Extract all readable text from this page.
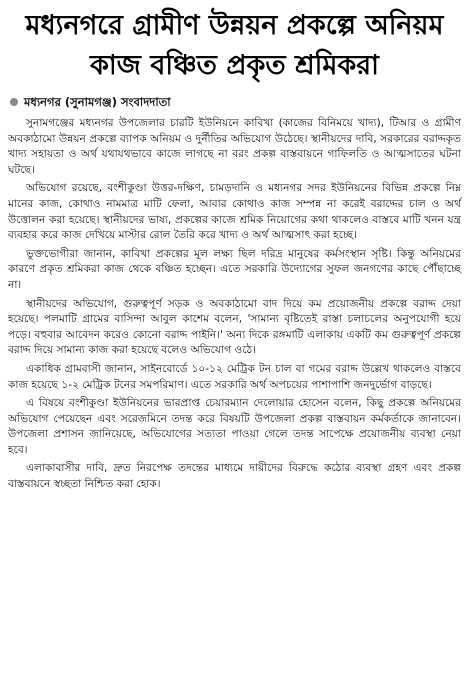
মধ্যনগরে গ্রামীণ উন্নয়ন প্রকল্পে অনিয়ম
কাজ বঞ্চিত প্রকৃত শ্রমিকরা
মধ্যনগর (সুনামগঞ্জ) সংবাদদাতা

সুনামগঞ্জের মধ্যনগর উপজেলার চারটি ইউনিয়নে কাবিখা (কাজের বিনিময়ে খাদ্য), টিআর ও গ্রামীণ অবকাঠামো উন্নয়ন প্রকল্পে ব্যাপক অনিয়ম ও দুর্নীতির অভিযোগ উঠেছে। স্থানীয়দের দাবি, সরকারের বরাদ্দকৃত খাদ্য সহায়তা ও অর্থ যথাযথভাবে কাজে লাগছে না বরং প্রকল্প বাস্তবায়নে গাফিলতি ও আত্মসাতের ঘটনা ঘটছে।

অভিযোগ রয়েছে, বংশীকুণ্ডা উত্তর-দক্ষিণ, চামড়দানি ও মধ্যনগর সদর ইউনিয়নের বিভিন্ন প্রকল্পে নিম্ন মানের কাজ, কোথাও নামমাত্র মাটি ফেলা, আবার কোথাও কাজ সম্পন্ন না করেই বরাদ্দের চাল ও অর্থ উত্তোলন করা হয়েছে। স্থানীয়দের ভাষ্য, প্রকল্পের কাজে শ্রমিক নিয়োগের কথা থাকলেও বাস্তবে মাটি খনন যন্ত্র ব্যবহার করে কাজ দেখিয়ে মাস্টার রোল তৈরি করে খাদ্য ও অর্থ আত্মসাৎ করা হচ্ছে।

ভুক্তভোগীরা জানান, কাবিখা প্রকল্পের মূল লক্ষ্য ছিল দরিদ্র মানুষের কর্মসংস্থান সৃষ্টি। কিন্তু অনিয়মের কারণে প্রকৃত শ্রমিকরা কাজ থেকে বঞ্চিত হচ্ছেন। এতে সরকারি উদ্যোগের সুফল জনগণের কাছে পৌঁছাচ্ছে না।

স্থানীয়দের অভিযোগ, গুরুত্বপূর্ণ সড়ক ও অবকাঠামো বাদ দিয়ে কম প্রয়োজনীয় প্রকল্পে বরাদ্দ দেয়া হয়েছে। পলমাটি গ্রামের বাসিন্দা আবুল কাশেম বলেন, 'সামান্য বৃষ্টিতেই রাস্তা চলাচলের অনুপযোগী হয়ে পড়ে। বহুবার আবেদন করেও কোনো বরাদ্দ পাইনি।' অন্য দিকে রঙ্গমাটি এলাকায় একটি কম গুরুত্বপূর্ণ প্রকল্পে বরাদ্দ দিয়ে সামান্য কাজ করা হয়েছে বলেও অভিযোগ ওঠে।

একাধিক গ্রামবাসী জানান, সাইনবোর্ডে ১০-১২ মেট্রিক টন চাল বা গমের বরাদ্দ উল্লেখ থাকলেও বাস্তবে কাজ হয়েছে ১-২ মেট্রিক টনের সমপরিমাণ। এতে সরকারি অর্থ অপচয়ের পাশাপাশি জনদুর্ভোগ বাড়ছে।

এ বিষয়ে বংশীকুণ্ডা ইউনিয়নের ভারপ্রাপ্ত চেয়ারম্যান দেলোয়ার হোসেন বলেন, কিছু প্রকল্পে অনিয়মের অভিযোগ পেয়েছেন এবং সরেজমিনে তদন্ত করে বিষয়টি উপজেলা প্রকল্প বাস্তবায়ন কর্মকর্তাকে জানাবেন। উপজেলা প্রশাসন জানিয়েছে, অভিযোগের সত্যতা পাওয়া গেলে তদন্ত সাপেক্ষে প্রয়োজনীয় ব্যবস্থা নেয়া হবে।

এলাকাবাসীর দাবি, দ্রুত নিরপেক্ষ তদন্তের মাধ্যমে দায়ীদের বিরুদ্ধে কঠোর ব্যবস্থা গ্রহণ এবং প্রকল্প বাস্তবায়নে স্বচ্ছতা নিশ্চিত করা হোক।
